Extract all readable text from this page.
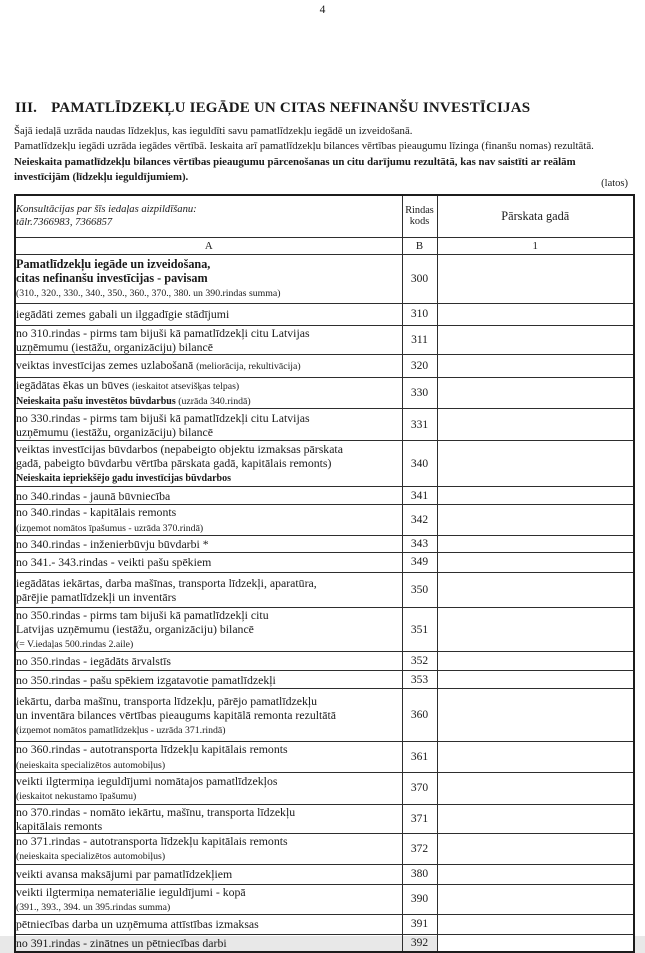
4
III. PAMATLĪDZEKĻU IEGĀDE UN CITAS NEFINANŠU INVESTĪCIJAS
Šajā iedaļā uzrāda naudas līdzekļus, kas ieguldīti savu pamatlīdzekļu iegādē un izveidošanā.
Pamatlīdzekļu iegādi uzrāda iegādes vērtībā. Ieskaita arī pamatlīdzekļu bilances vērtības pieaugumu līzinga (finanšu nomas) rezultātā.
Neieskaita pamatlīdzekļu bilances vērtības pieaugumu pārcenošanas un citu darījumu rezultātā, kas nav saistīti ar reālām
investīcijām (līdzekļu ieguldījumiem).
(latos)
Konsultācijas par šīs iedaļas aizpildīšanu:
tālr.7366983, 7366857

Rindas
kods	Pārskata gadā
A	B	1

Pamatlīdzekļu iegāde un izveidošana,
citas nefinanšu investīcijas - pavisam
(310., 320., 330., 340., 350., 360., 370., 380. un 390.rindas summa)	300	

iegādāti zemes gabali un ilggadīgie stādījumi	310	

no 310.rindas - pirms tam bijuši kā pamatlīdzekļi citu Latvijas
uzņēmumu (iestāžu, organizāciju) bilancē	311	

veiktas investīcijas zemes uzlabošanā (meliorācija, rekultivācija)	320	

iegādātas ēkas un būves (ieskaitot atsevišķas telpas)
Neieskaita pašu investētos būvdarbus (uzrāda 340.rindā)	330	

no 330.rindas - pirms tam bijuši kā pamatlīdzekļi citu Latvijas
uzņēmumu (iestāžu, organizāciju) bilancē	331	

veiktas investīcijas būvdarbos (nepabeigto objektu izmaksas pārskata
gadā, pabeigto būvdarbu vērtība pārskata gadā, kapitālais remonts)
Neieskaita iepriekšējo gadu investīcijas būvdarbos	340	

no 340.rindas - jaunā būvniecība	341	

no 340.rindas - kapitālais remonts
(izņemot nomātos īpašumus - uzrāda 370.rindā)	342	

no 340.rindas - inženierbūvju būvdarbi *	343	

no 341.- 343.rindas - veikti pašu spēkiem	349	

iegādātas iekārtas, darba mašīnas, transporta līdzekļi, aparatūra,
pārējie pamatlīdzekļi un inventārs	350	

no 350.rindas - pirms tam bijuši kā pamatlīdzekļi citu
Latvijas uzņēmumu (iestāžu, organizāciju) bilancē
(= V.iedaļas 500.rindas 2.aile)	351	

no 350.rindas - iegādāts ārvalstīs	352	

no 350.rindas - pašu spēkiem izgatavotie pamatlīdzekļi	353	

iekārtu, darba mašīnu, transporta līdzekļu, pārējo pamatlīdzekļu
un inventāra bilances vērtības pieaugums kapitālā remonta rezultātā
(izņemot nomātos pamatlīdzekļus - uzrāda 371.rindā)	360	

no 360.rindas - autotransporta līdzekļu kapitālais remonts
(neieskaita specializētos automobiļus)	361	

veikti ilgtermiņa ieguldījumi nomātajos pamatlīdzekļos
(ieskaitot nekustamo īpašumu)	370	

no 370.rindas - nomāto iekārtu, mašīnu, transporta līdzekļu
kapitālais remonts	371	

no 371.rindas - autotransporta līdzekļu kapitālais remonts
(neieskaita specializētos automobiļus)	372	

veikti avansa maksājumi par pamatlīdzekļiem	380	

veikti ilgtermiņa nemateriālie ieguldījumi - kopā
(391., 393., 394. un 395.rindas summa)	390	

pētniecības darba un uzņēmuma attīstības izmaksas	391	

no 391.rindas - zinātnes un pētniecības darbi	392	
